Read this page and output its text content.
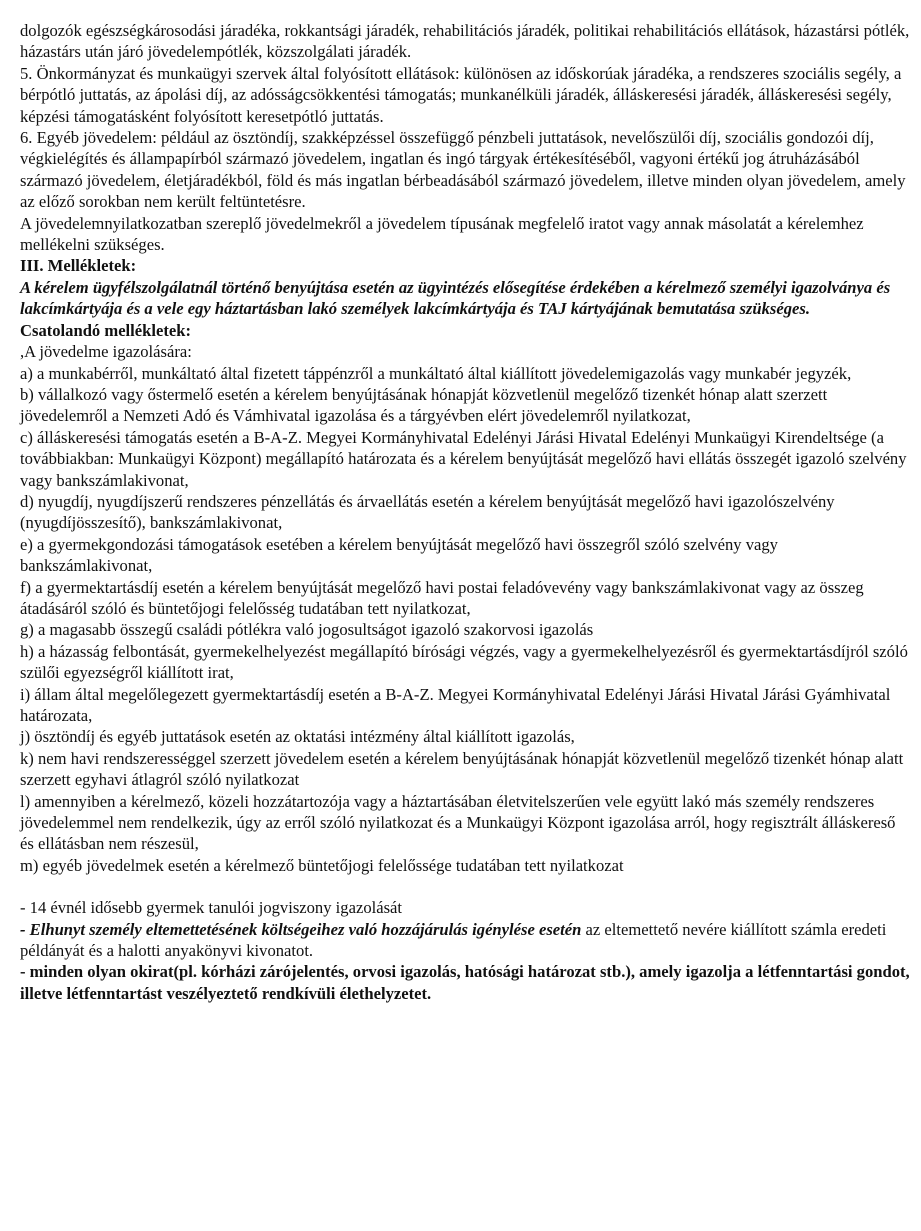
dolgozók egészségkárosodási járadéka, rokkantsági járadék, rehabilitációs járadék, politikai rehabilitációs ellátások, házastársi pótlék, házastárs után járó jövedelempótlék, közszolgálati járadék.

5. Önkormányzat és munkaügyi szervek által folyósított ellátások: különösen az időskorúak járadéka, a rendszeres szociális segély, a bérpótló juttatás, az ápolási díj, az adósságcsökkentési támogatás; munkanélküli járadék, álláskeresési járadék, álláskeresési segély, képzési támogatásként folyósított keresetpótló juttatás.

6. Egyéb jövedelem: például az ösztöndíj, szakképzéssel összefüggő pénzbeli juttatások, nevelőszülői díj, szociális gondozói díj, végkielégítés és állampapírból származó jövedelem, ingatlan és ingó tárgyak értékesítéséből, vagyoni értékű jog átruházásából származó jövedelem, életjáradékból, föld és más ingatlan bérbeadásából származó jövedelem, illetve minden olyan jövedelem, amely az előző sorokban nem került feltüntetésre.

A jövedelemnyilatkozatban szereplő jövedelmekről a jövedelem típusának megfelelő iratot vagy annak másolatát a kérelemhez mellékelni szükséges.

III. Mellékletek:

A kérelem ügyfélszolgálatnál történő benyújtása esetén az ügyintézés elősegítése érdekében a kérelmező személyi igazolványa és lakcímkártyája és a vele egy háztartásban lakó személyek lakcímkártyája és TAJ kártyájának bemutatása szükséges.

Csatolandó mellékletek:

,A jövedelme igazolására:

a) a munkabérről, munkáltató által fizetett táppénzről a munkáltató által kiállított jövedelemigazolás vagy munkabér jegyzék,

b) vállalkozó vagy őstermelő esetén a kérelem benyújtásának hónapját közvetlenül megelőző tizenkét hónap alatt szerzett jövedelemről a Nemzeti Adó és Vámhivatal igazolása és a tárgyévben elért jövedelemről nyilatkozat,

c) álláskeresési támogatás esetén a B-A-Z. Megyei Kormányhivatal Edelényi Járási Hivatal Edelényi Munkaügyi Kirendeltsége (a továbbiakban: Munkaügyi Központ) megállapító határozata és a kérelem benyújtását megelőző havi ellátás összegét igazoló szelvény vagy bankszámlakivonat,

d) nyugdíj, nyugdíjszerű rendszeres pénzellátás és árvaellátás esetén a kérelem benyújtását megelőző havi igazolószelvény (nyugdíjösszesítő), bankszámlakivonat,

e) a gyermekgondozási támogatások esetében a kérelem benyújtását megelőző havi összegről szóló szelvény vagy bankszámlakivonat,

f) a gyermektartásdíj esetén a kérelem benyújtását megelőző havi postai feladóvevény vagy bankszámlakivonat vagy az összeg átadásáról szóló és büntetőjogi felelősség tudatában tett nyilatkozat,

g) a magasabb összegű családi pótlékra való jogosultságot igazoló szakorvosi igazolás

h) a házasság felbontását, gyermekelhelyezést megállapító bírósági végzés, vagy a gyermekelhelyezésről és gyermektartásdíjról szóló szülői egyezségről kiállított irat,

i) állam által megelőlegezett gyermektartásdíj esetén a B-A-Z. Megyei Kormányhivatal Edelényi Járási Hivatal Járási Gyámhivatal határozata,

j) ösztöndíj és egyéb juttatások esetén az oktatási intézmény által kiállított igazolás,

k) nem havi rendszerességgel szerzett jövedelem esetén a kérelem benyújtásának hónapját közvetlenül megelőző tizenkét hónap alatt szerzett egyhavi átlagról szóló nyilatkozat

l) amennyiben a kérelmező, közeli hozzátartozója vagy a háztartásában életvitelszerűen vele együtt lakó más személy rendszeres jövedelemmel nem rendelkezik, úgy az erről szóló nyilatkozat és a Munkaügyi Központ igazolása arról, hogy regisztrált álláskereső és ellátásban nem részesül,

m) egyéb jövedelmek esetén a kérelmező büntetőjogi felelőssége tudatában tett nyilatkozat

- 14 évnél idősebb gyermek tanulói jogviszony igazolását

- Elhunyt személy eltemettetésének költségeihez való hozzájárulás igénylése esetén az eltemettető nevére kiállított számla eredeti példányát és a halotti anyakönyvi kivonatot.

- minden olyan okirat(pl. kórházi zárójelentés, orvosi igazolás, hatósági határozat stb.), amely igazolja a létfenntartási gondot, illetve létfenntartást veszélyeztető rendkívüli élethelyzetet.
